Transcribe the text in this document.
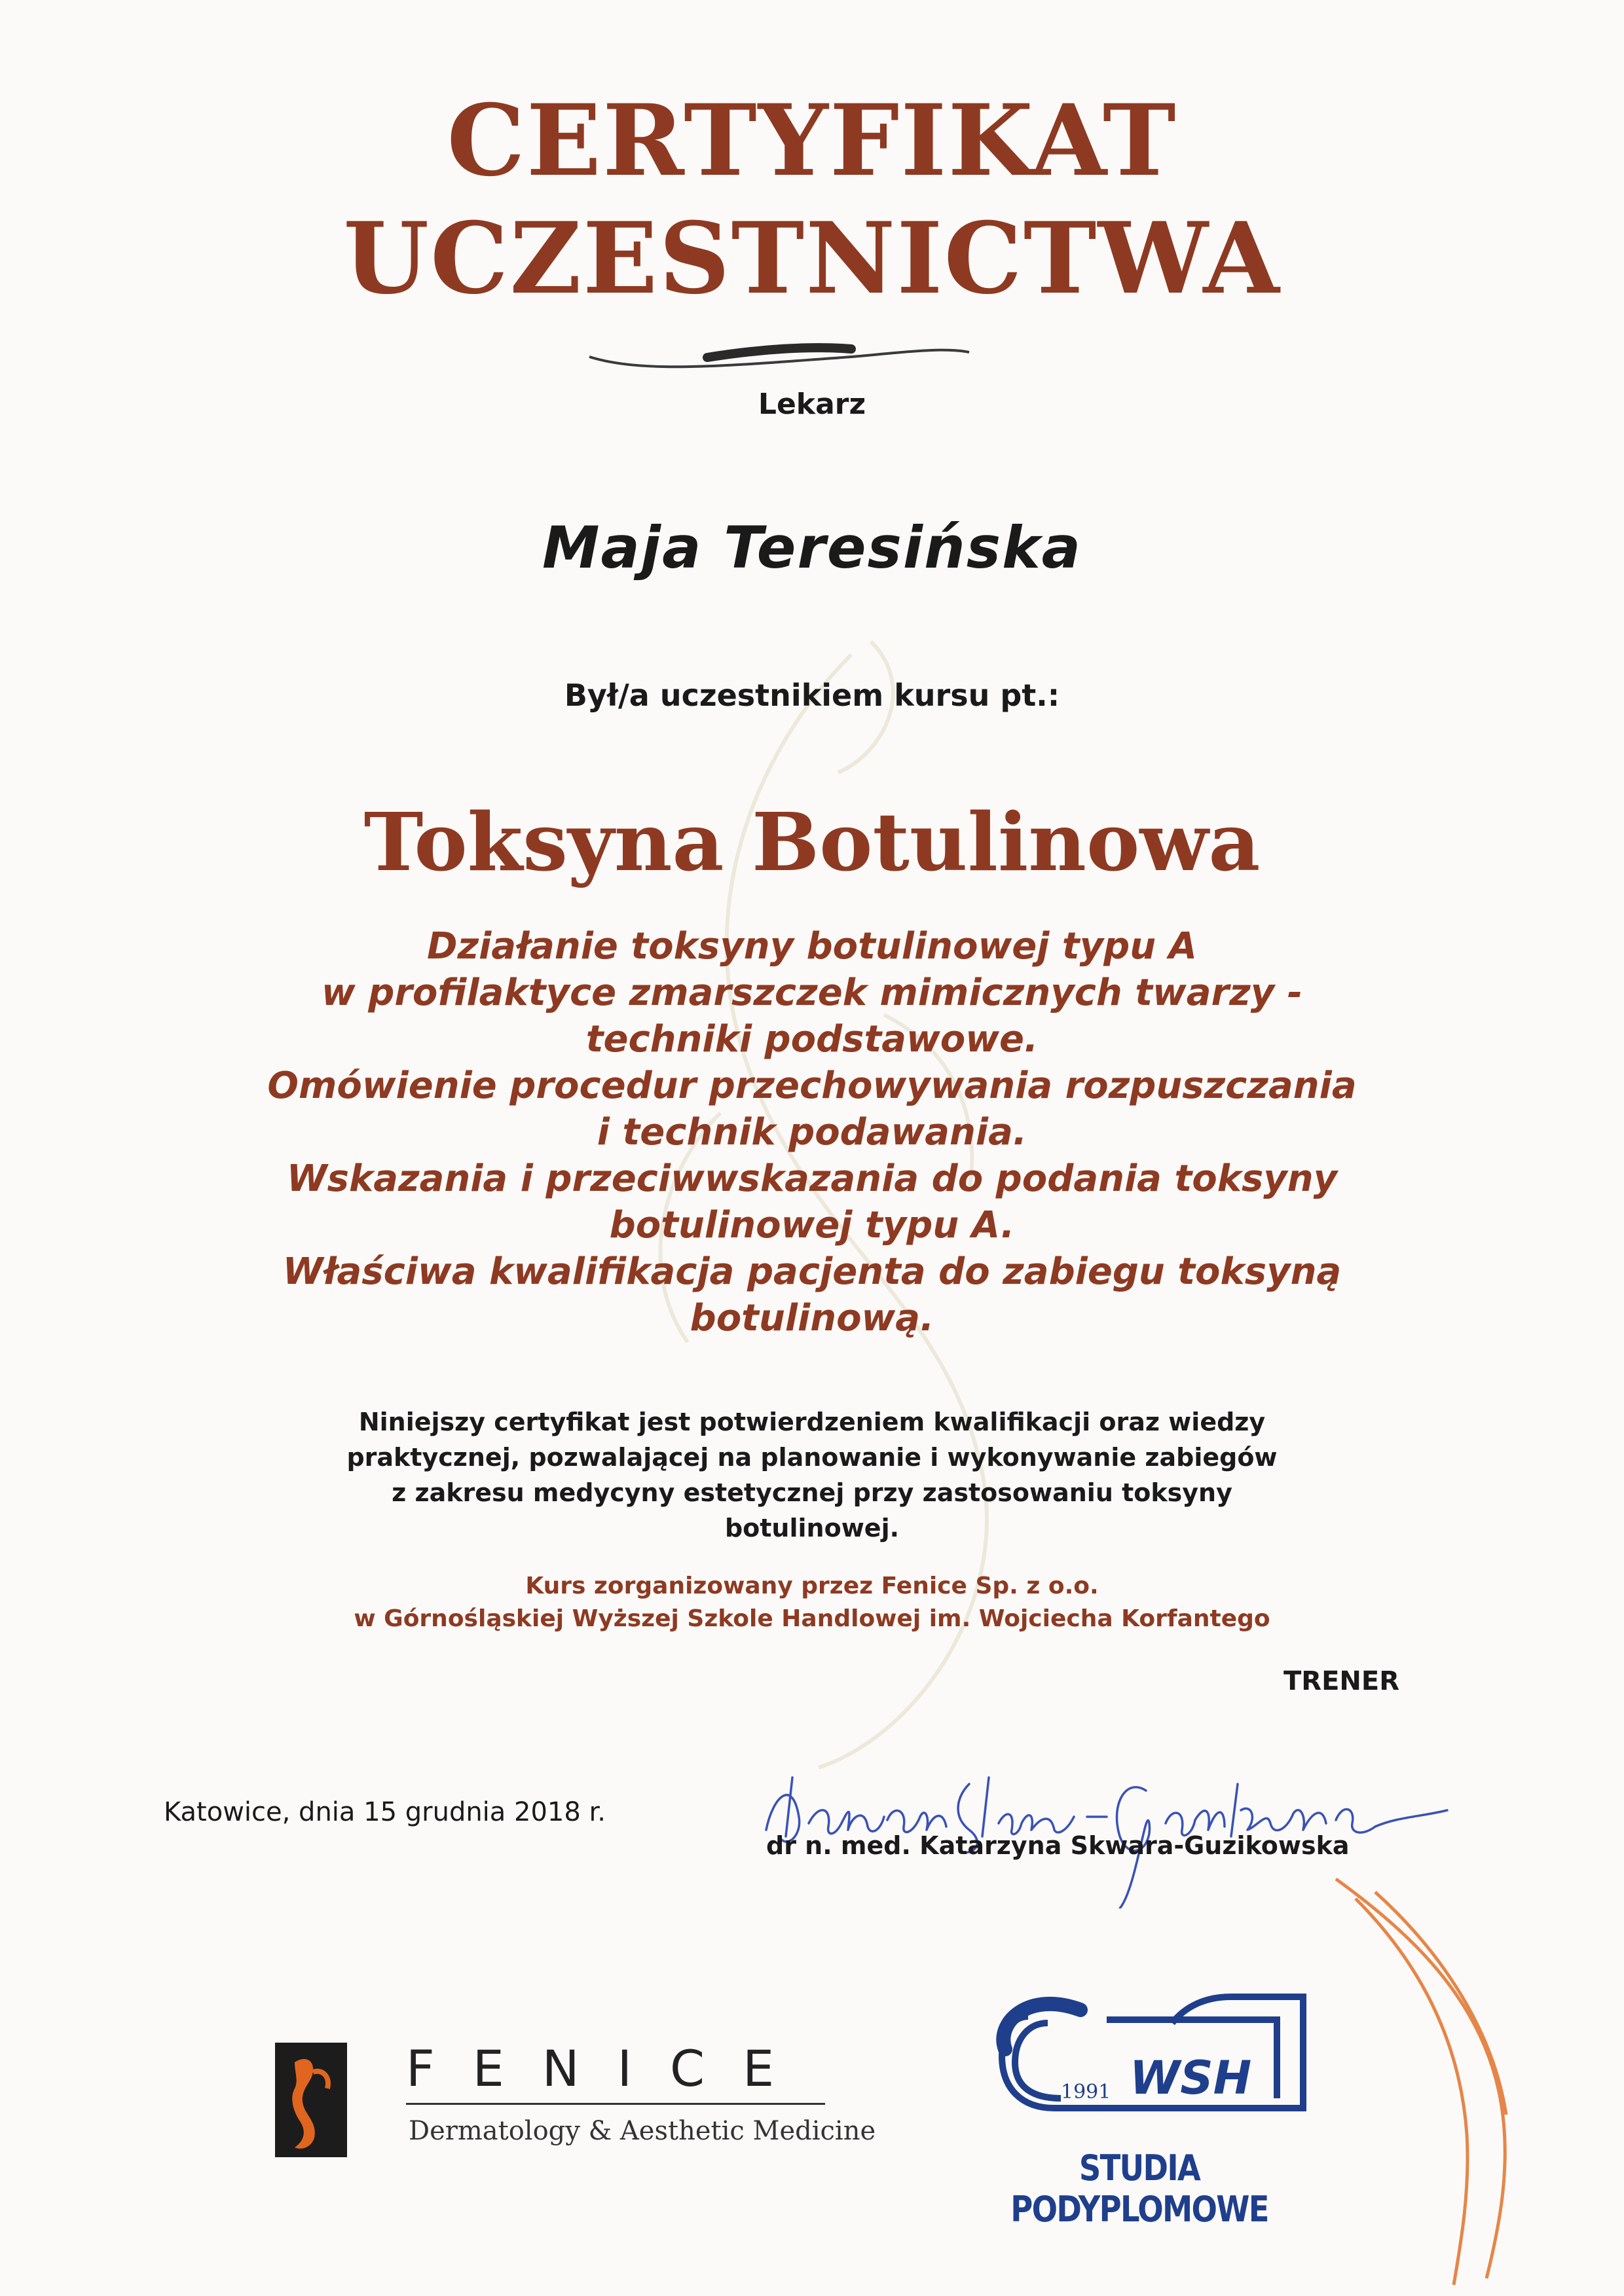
CERTYFIKAT
UCZESTNICTWA
Lekarz
Maja Teresińska
Był/a uczestnikiem kursu pt.:
Toksyna Botulinowa
Działanie toksyny botulinowej typu A
w profilaktyce zmarszczek mimicznych twarzy -
techniki podstawowe.
Omówienie procedur przechowywania rozpuszczania
i technik podawania.
Wskazania i przeciwwskazania do podania toksyny
botulinowej typu A.
Właściwa kwalifikacja pacjenta do zabiegu toksyną
botulinową.
Niniejszy certyfikat jest potwierdzeniem kwalifikacji oraz wiedzy
praktycznej, pozwalającej na planowanie i wykonywanie zabiegów
z zakresu medycyny estetycznej przy zastosowaniu toksyny
botulinowej.
Kurs zorganizowany przez Fenice Sp. z o.o.
w Górnośląskiej Wyższej Szkole Handlowej im. Wojciecha Korfantego
TRENER
Katowice, dnia 15 grudnia 2018 r.
dr n. med. Katarzyna Skwara-Guzikowska
FENICE
Dermatology & Aesthetic Medicine
1991 WSH
STUDIA PODYPLOMOWE
